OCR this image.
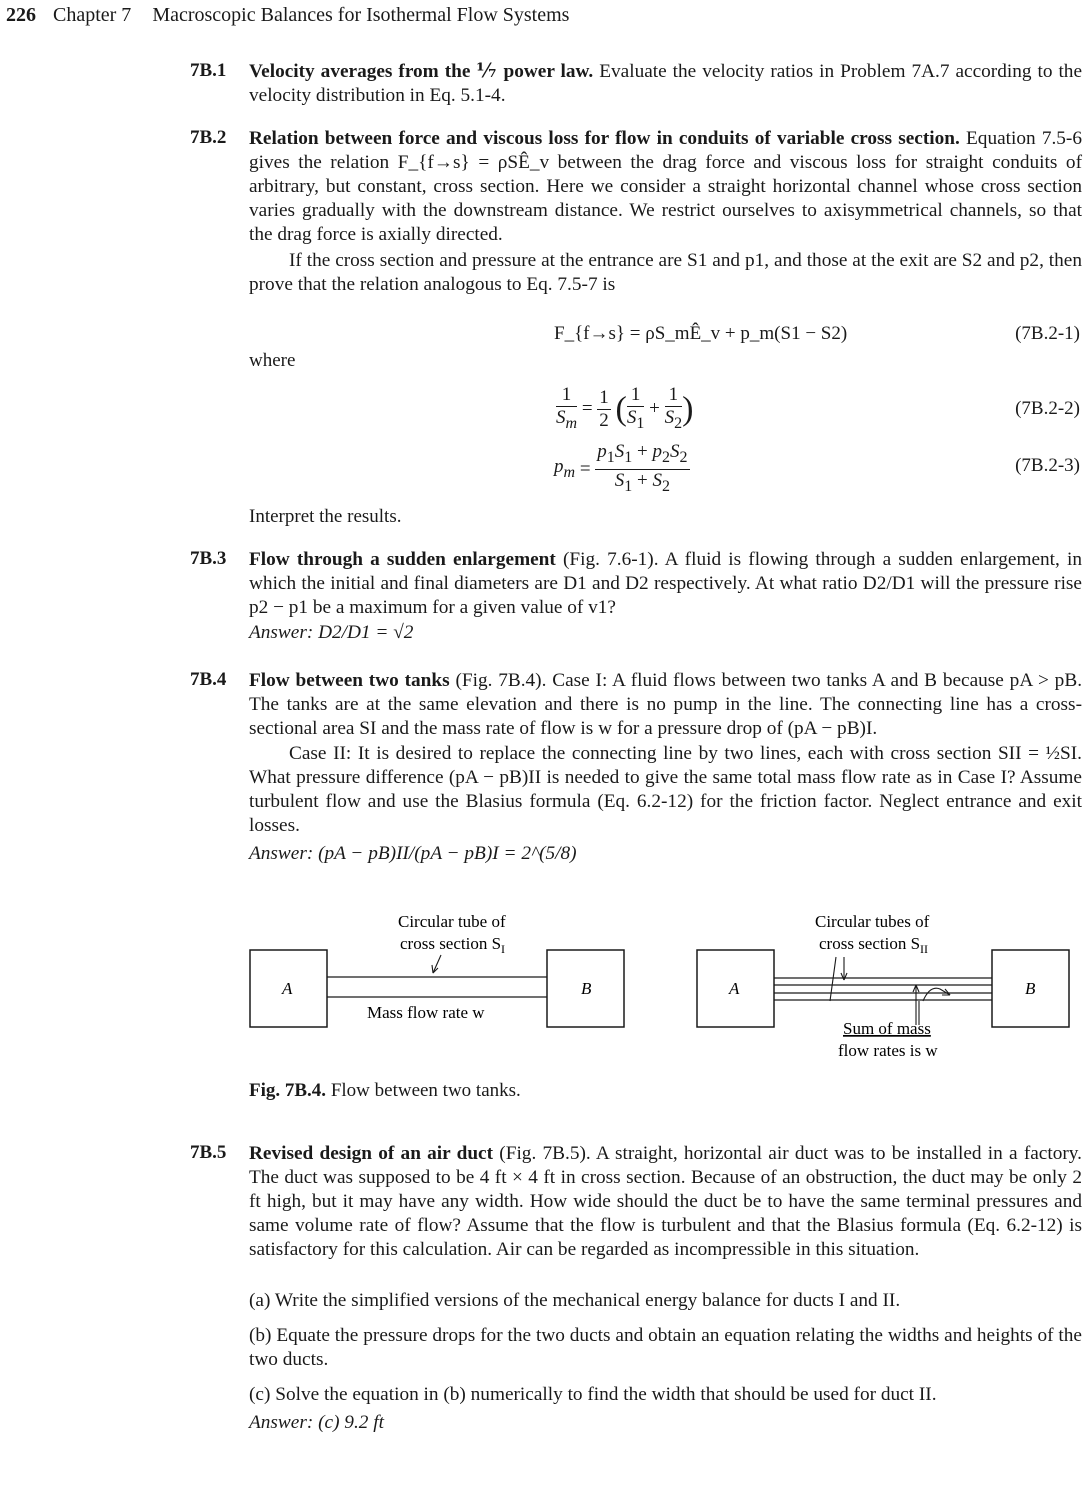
226 Chapter 7 Macroscopic Balances for Isothermal Flow Systems
7B.1 Velocity averages from the ⅐ power law. Evaluate the velocity ratios in Problem 7A.7 according to the velocity distribution in Eq. 5.1-4.
7B.2 Relation between force and viscous loss for flow in conduits of variable cross section. Equation 7.5-6 gives the relation F_{f→s} = ρSÊ_v between the drag force and viscous loss for straight conduits of arbitrary, but constant, cross section. Here we consider a straight horizontal channel whose cross section varies gradually with the downstream distance. We restrict ourselves to axisymmetrical channels, so that the drag force is axially directed.
If the cross section and pressure at the entrance are S1 and p1, and those at the exit are S2 and p2, then prove that the relation analogous to Eq. 7.5-7 is
F_{f→s} = ρS_mÊ_v + p_m(S1 − S2)	(7B.2-1)
where
$\frac{1}{S_m} = \frac{1}{2}$ ( $\frac{1}{S_1} + \frac{1}{S_2}$ )	(7B.2-2)
$p_m = \frac{p_1S_1 + p_2S_2}{S_1 + S_2}$	(7B.2-3)
Interpret the results.
7B.3 Flow through a sudden enlargement (Fig. 7.6-1). A fluid is flowing through a sudden enlargement, in which the initial and final diameters are D1 and D2 respectively. At what ratio D2/D1 will the pressure rise p2 − p1 be a maximum for a given value of v1?
Answer: D2/D1 = √2
7B.4 Flow between two tanks (Fig. 7B.4). Case I: A fluid flows between two tanks A and B because pA > pB. The tanks are at the same elevation and there is no pump in the line. The connecting line has a cross-sectional area SI and the mass rate of flow is w for a pressure drop of (pA − pB)I.
Case II: It is desired to replace the connecting line by two lines, each with cross section SII = ½SI. What pressure difference (pA − pB)II is needed to give the same total mass flow rate as in Case I? Assume turbulent flow and use the Blasius formula (Eq. 6.2-12) for the friction factor. Neglect entrance and exit losses.
Answer: (pA − pB)II/(pA − pB)I = 2^(5/8)
A	B
Circular tube of
cross section $S_I$
Mass flow rate w
A	B
Circular tubes of
cross section $S_{II}$
Sum of mass
flow rates is w
Fig. 7B.4. Flow between two tanks.
7B.5 Revised design of an air duct (Fig. 7B.5). A straight, horizontal air duct was to be installed in a factory. The duct was supposed to be 4 ft × 4 ft in cross section. Because of an obstruction, the duct may be only 2 ft high, but it may have any width. How wide should the duct be to have the same terminal pressures and same volume rate of flow? Assume that the flow is turbulent and that the Blasius formula (Eq. 6.2-12) is satisfactory for this calculation. Air can be regarded as incompressible in this situation.
(a) Write the simplified versions of the mechanical energy balance for ducts I and II.
(b) Equate the pressure drops for the two ducts and obtain an equation relating the widths and heights of the two ducts.
(c) Solve the equation in (b) numerically to find the width that should be used for duct II.
Answer: (c) 9.2 ft
